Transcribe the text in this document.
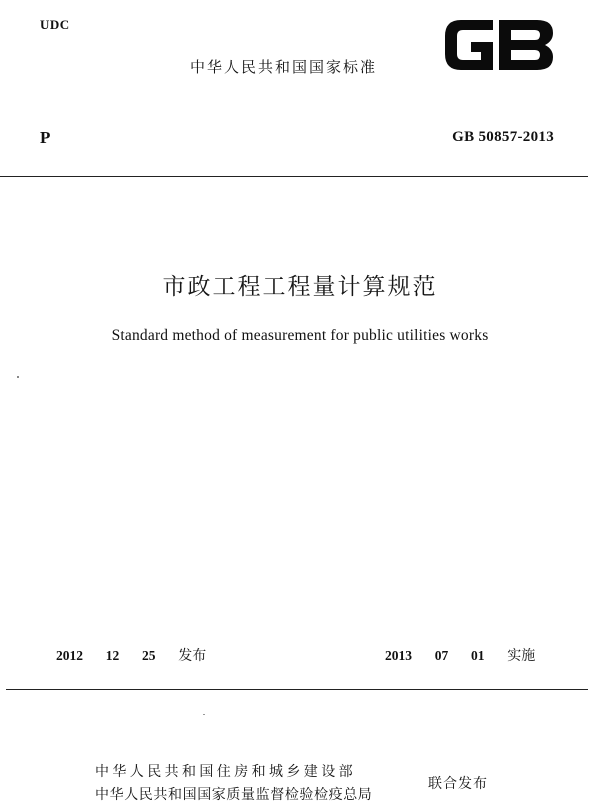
UDC
中华人民共和国国家标准
P	GB 50857-2013
市政工程工程量计算规范
Standard method of measurement for public utilities works
2012  12  25 发布	2013  07  01 实施
中华人民共和国住房和城乡建设部
中华人民共和国国家质量监督检验检疫总局
联合发布
